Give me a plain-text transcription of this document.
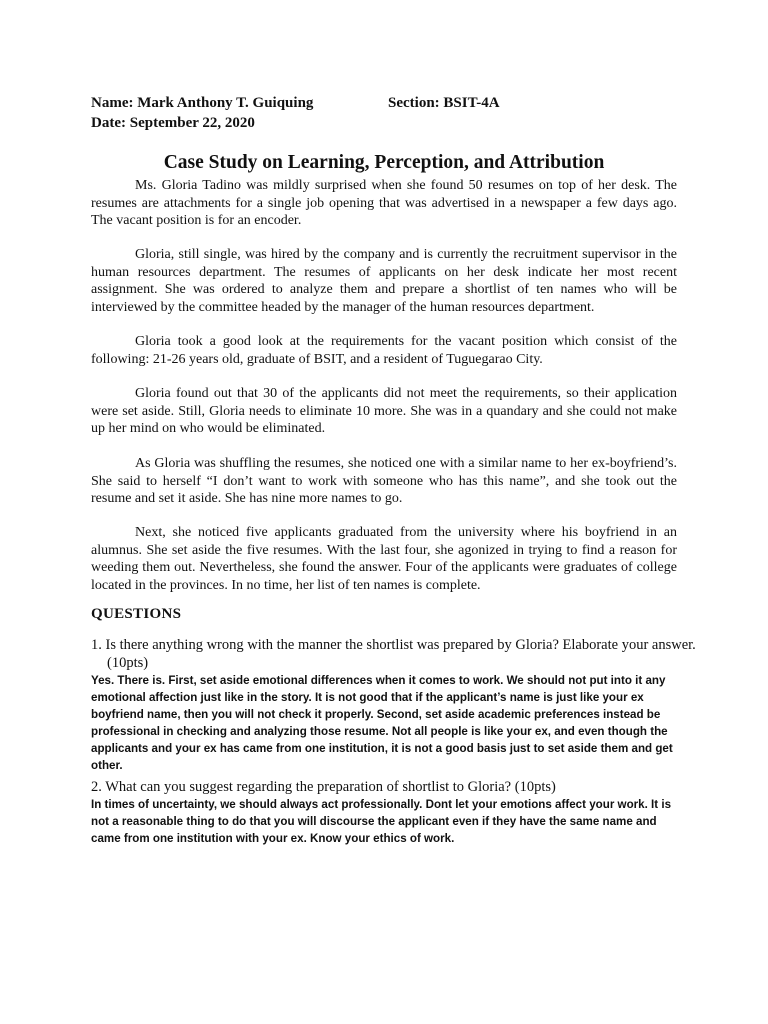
Name: Mark Anthony T. Guiquing	Section: BSIT-4A
Date: September 22, 2020
Case Study on Learning, Perception, and Attribution
Ms. Gloria Tadino was mildly surprised when she found 50 resumes on top of her desk. The resumes are attachments for a single job opening that was advertised in a newspaper a few days ago. The vacant position is for an encoder.
Gloria, still single, was hired by the company and is currently the recruitment supervisor in the human resources department. The resumes of applicants on her desk indicate her most recent assignment. She was ordered to analyze them and prepare a shortlist of ten names who will be interviewed by the committee headed by the manager of the human resources department.
Gloria took a good look at the requirements for the vacant position which consist of the following: 21-26 years old, graduate of BSIT, and a resident of Tuguegarao City.
Gloria found out that 30 of the applicants did not meet the requirements, so their application were set aside. Still, Gloria needs to eliminate 10 more. She was in a quandary and she could not make up her mind on who would be eliminated.
As Gloria was shuffling the resumes, she noticed one with a similar name to her ex-boyfriend’s. She said to herself “I don’t want to work with someone who has this name”, and she took out the resume and set it aside. She has nine more names to go.
Next, she noticed five applicants graduated from the university where his boyfriend in an alumnus. She set aside the five resumes. With the last four, she agonized in trying to find a reason for weeding them out. Nevertheless, she found the answer. Four of the applicants were graduates of college located in the provinces. In no time, her list of ten names is complete.
QUESTIONS
1. Is there anything wrong with the manner the shortlist was prepared by Gloria? Elaborate your answer. (10pts)
Yes. There is. First, set aside emotional differences when it comes to work. We should not put into it any emotional affection just like in the story. It is not good that if the applicant’s name is just like your ex boyfriend name, then you will not check it properly. Second, set aside academic preferences instead be professional in checking and analyzing those resume. Not all people is like your ex, and even though the applicants and your ex has came from one institution, it is not a good basis just to set aside them and get other.
2. What can you suggest regarding the preparation of shortlist to Gloria? (10pts)
In times of uncertainty, we should always act professionally. Dont let your emotions affect your work. It is not a reasonable thing to do that you will discourse the applicant even if they have the same name and came from one institution with your ex. Know your ethics of work.
